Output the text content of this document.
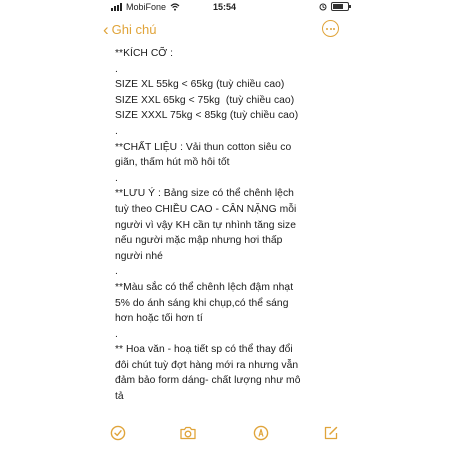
MobiFone	15:54
‹ Ghi chú
**KÍCH CỠ :
.
SIZE XL 55kg < 65kg (tuỳ chiều cao)
SIZE XXL 65kg < 75kg  (tuỳ chiều cao)
SIZE XXXL 75kg < 85kg (tuỳ chiều cao)
.
**CHẤT LIỆU : Vải thun cotton siêu co
giãn, thấm hút mồ hôi tốt
.
**LƯU Ý : Bảng size có thể chênh lệch
tuỳ theo CHIỀU CAO - CÂN NẶNG mỗi
người vì vậy KH cần tự nhình tăng size
nếu người mặc mập nhưng hơi thấp
người nhé
.
**Màu sắc có thể chênh lệch đậm nhạt
5% do ánh sáng khi chụp,có thể sáng
hơn hoặc tối hơn tí
.
** Hoa văn - hoạ tiết sp có thể thay đổi
đôi chút tuỳ đợt hàng mới ra nhưng vẫn
đảm bảo form dáng- chất lượng như mô
tả
